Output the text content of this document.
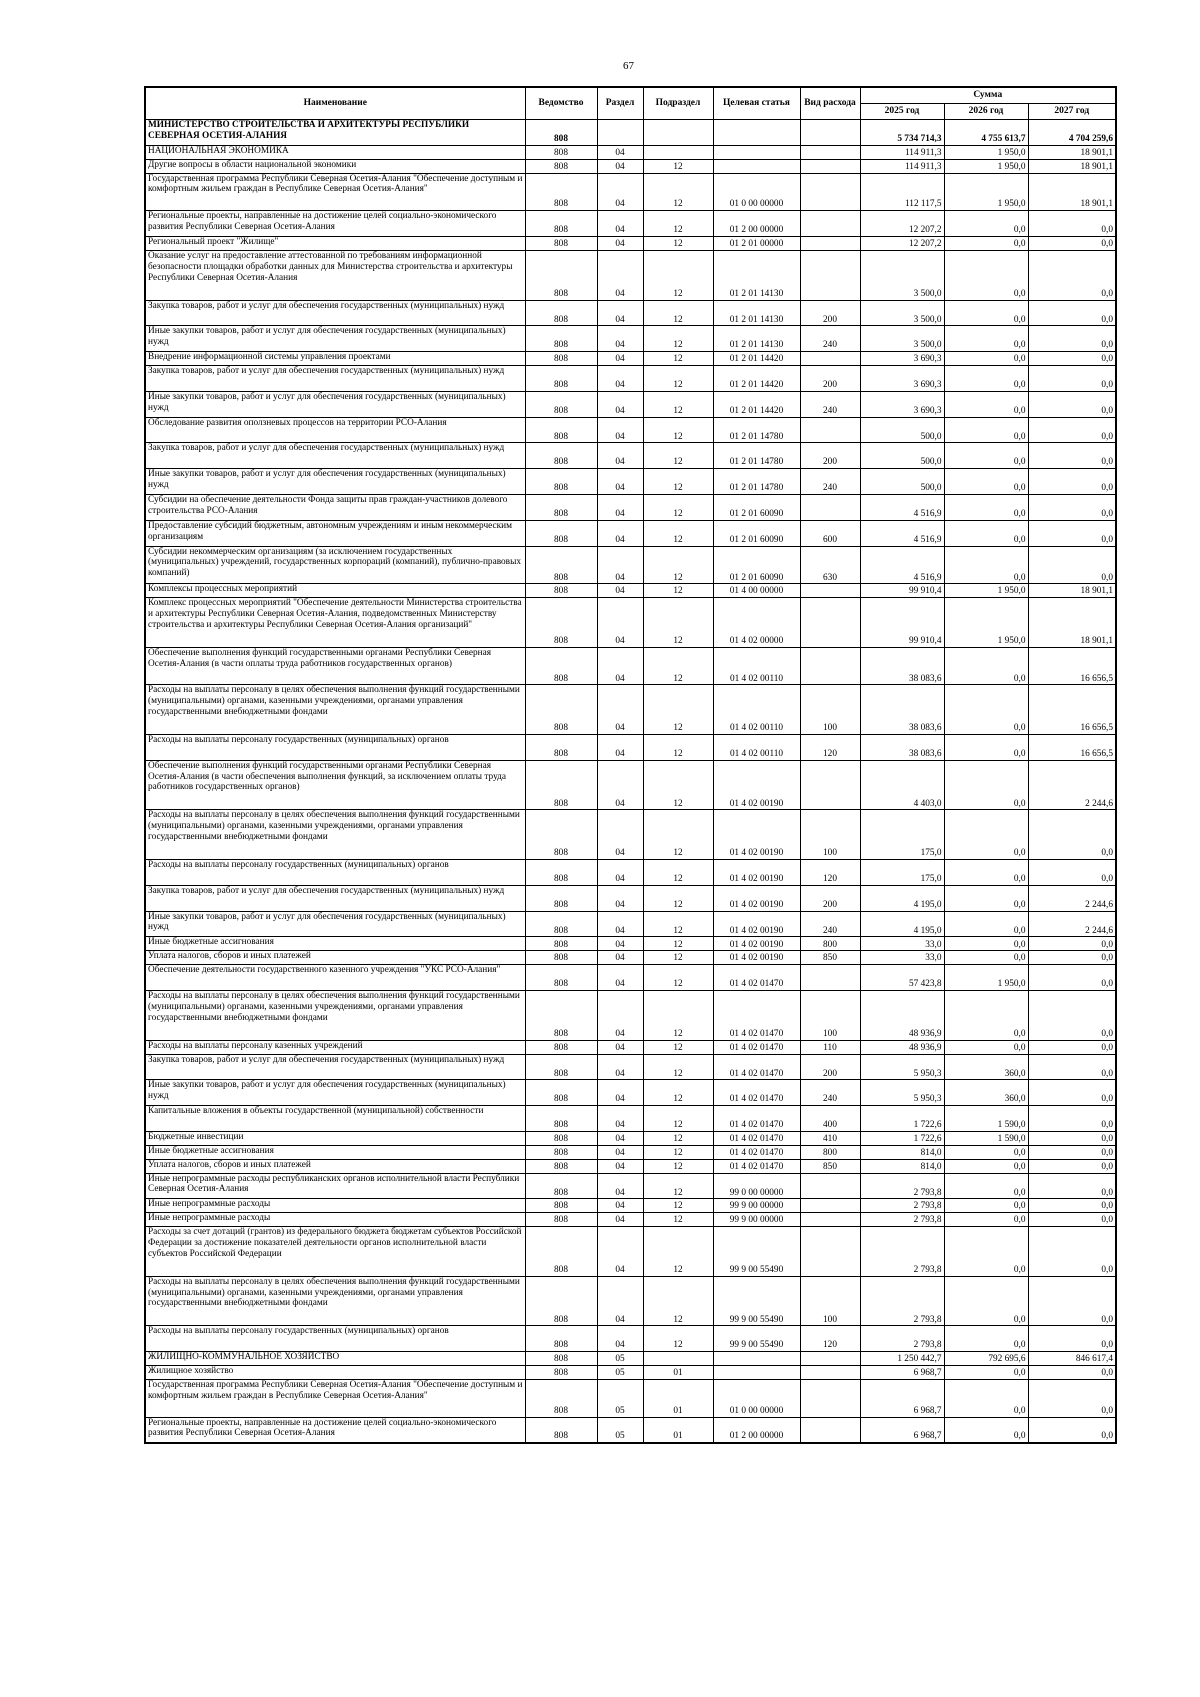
67
Наименование	Ведомство	Раздел	Подраздел	Целевая статья	Вид расхода	Сумма		
						2025 год	2026 год	2027 год
МИНИСТЕРСТВО СТРОИТЕЛЬСТВА И АРХИТЕКТУРЫ РЕСПУБЛИКИ СЕВЕРНАЯ ОСЕТИЯ-АЛАНИЯ	808					5 734 714,3	4 755 613,7	4 704 259,6
НАЦИОНАЛЬНАЯ ЭКОНОМИКА	808	04				114 911,3	1 950,0	18 901,1
Другие вопросы в области национальной экономики	808	04	12			114 911,3	1 950,0	18 901,1
Государственная программа Республики Северная Осетия-Алания "Обеспечение доступным и комфортным жильем граждан в Республике Северная Осетия-Алания"	808	04	12	01 0 00 00000		112 117,5	1 950,0	18 901,1
Региональные проекты, направленные на достижение целей социально-экономического развития Республики Северная Осетия-Алания	808	04	12	01 2 00 00000		12 207,2	0,0	0,0
Региональный проект "Жилище"	808	04	12	01 2 01 00000		12 207,2	0,0	0,0
Оказание услуг на предоставление аттестованной по требованиям информационной безопасности площадки обработки данных для Министерства строительства и архитектуры Республики Северная Осетия-Алания	808	04	12	01 2 01 14130		3 500,0	0,0	0,0
Закупка товаров, работ и услуг для обеспечения государственных (муниципальных) нужд	808	04	12	01 2 01 14130	200	3 500,0	0,0	0,0
Иные закупки товаров, работ и услуг для обеспечения государственных (муниципальных) нужд	808	04	12	01 2 01 14130	240	3 500,0	0,0	0,0
Внедрение информационной системы управления проектами	808	04	12	01 2 01 14420		3 690,3	0,0	0,0
Закупка товаров, работ и услуг для обеспечения государственных (муниципальных) нужд	808	04	12	01 2 01 14420	200	3 690,3	0,0	0,0
Иные закупки товаров, работ и услуг для обеспечения государственных (муниципальных) нужд	808	04	12	01 2 01 14420	240	3 690,3	0,0	0,0
Обследование развития оползневых процессов на территории РСО-Алания	808	04	12	01 2 01 14780		500,0	0,0	0,0
Закупка товаров, работ и услуг для обеспечения государственных (муниципальных) нужд	808	04	12	01 2 01 14780	200	500,0	0,0	0,0
Иные закупки товаров, работ и услуг для обеспечения государственных (муниципальных) нужд	808	04	12	01 2 01 14780	240	500,0	0,0	0,0
Субсидии на обеспечение деятельности Фонда защиты прав граждан-участников долевого строительства РСО-Алания	808	04	12	01 2 01 60090		4 516,9	0,0	0,0
Предоставление субсидий бюджетным, автономным учреждениям и иным некоммерческим организациям	808	04	12	01 2 01 60090	600	4 516,9	0,0	0,0
Субсидии некоммерческим организациям (за исключением государственных (муниципальных) учреждений, государственных корпораций (компаний), публично-правовых компаний)	808	04	12	01 2 01 60090	630	4 516,9	0,0	0,0
Комплексы процессных мероприятий	808	04	12	01 4 00 00000		99 910,4	1 950,0	18 901,1
Комплекс процессных мероприятий "Обеспечение деятельности Министерства строительства и архитектуры Республики Северная Осетия-Алания, подведомственных Министерству строительства и архитектуры Республики Северная Осетия-Алания организаций"	808	04	12	01 4 02 00000		99 910,4	1 950,0	18 901,1
Обеспечение выполнения функций государственными органами Республики Северная Осетия-Алания (в части оплаты труда работников государственных органов)	808	04	12	01 4 02 00110		38 083,6	0,0	16 656,5
Расходы на выплаты персоналу в целях обеспечения выполнения функций государственными (муниципальными) органами, казенными учреждениями, органами управления государственными внебюджетными фондами	808	04	12	01 4 02 00110	100	38 083,6	0,0	16 656,5
Расходы на выплаты персоналу государственных (муниципальных) органов	808	04	12	01 4 02 00110	120	38 083,6	0,0	16 656,5
Обеспечение выполнения функций государственными органами Республики Северная Осетия-Алания (в части обеспечения выполнения функций, за исключением оплаты труда работников государственных органов)	808	04	12	01 4 02 00190		4 403,0	0,0	2 244,6
Расходы на выплаты персоналу в целях обеспечения выполнения функций государственными (муниципальными) органами, казенными учреждениями, органами управления государственными внебюджетными фондами	808	04	12	01 4 02 00190	100	175,0	0,0	0,0
Расходы на выплаты персоналу государственных (муниципальных) органов	808	04	12	01 4 02 00190	120	175,0	0,0	0,0
Закупка товаров, работ и услуг для обеспечения государственных (муниципальных) нужд	808	04	12	01 4 02 00190	200	4 195,0	0,0	2 244,6
Иные закупки товаров, работ и услуг для обеспечения государственных (муниципальных) нужд	808	04	12	01 4 02 00190	240	4 195,0	0,0	2 244,6
Иные бюджетные ассигнования	808	04	12	01 4 02 00190	800	33,0	0,0	0,0
Уплата налогов, сборов и иных платежей	808	04	12	01 4 02 00190	850	33,0	0,0	0,0
Обеспечение деятельности государственного казенного учреждения "УКС РСО-Алания"	808	04	12	01 4 02 01470		57 423,8	1 950,0	0,0
Расходы на выплаты персоналу в целях обеспечения выполнения функций государственными (муниципальными) органами, казенными учреждениями, органами управления государственными внебюджетными фондами	808	04	12	01 4 02 01470	100	48 936,9	0,0	0,0
Расходы на выплаты персоналу казенных учреждений	808	04	12	01 4 02 01470	110	48 936,9	0,0	0,0
Закупка товаров, работ и услуг для обеспечения государственных (муниципальных) нужд	808	04	12	01 4 02 01470	200	5 950,3	360,0	0,0
Иные закупки товаров, работ и услуг для обеспечения государственных (муниципальных) нужд	808	04	12	01 4 02 01470	240	5 950,3	360,0	0,0
Капитальные вложения в объекты государственной (муниципальной) собственности	808	04	12	01 4 02 01470	400	1 722,6	1 590,0	0,0
Бюджетные инвестиции	808	04	12	01 4 02 01470	410	1 722,6	1 590,0	0,0
Иные бюджетные ассигнования	808	04	12	01 4 02 01470	800	814,0	0,0	0,0
Уплата налогов, сборов и иных платежей	808	04	12	01 4 02 01470	850	814,0	0,0	0,0
Иные непрограммные расходы республиканских органов исполнительной власти Республики Северная Осетия-Алания	808	04	12	99 0 00 00000		2 793,8	0,0	0,0
Иные непрограммные расходы	808	04	12	99 9 00 00000		2 793,8	0,0	0,0
Иные непрограммные расходы	808	04	12	99 9 00 00000		2 793,8	0,0	0,0
Расходы за счет дотаций (грантов) из федерального бюджета бюджетам субъектов Российской Федерации за достижение показателей деятельности органов исполнительной власти субъектов Российской Федерации	808	04	12	99 9 00 55490		2 793,8	0,0	0,0
Расходы на выплаты персоналу в целях обеспечения выполнения функций государственными (муниципальными) органами, казенными учреждениями, органами управления государственными внебюджетными фондами	808	04	12	99 9 00 55490	100	2 793,8	0,0	0,0
Расходы на выплаты персоналу государственных (муниципальных) органов	808	04	12	99 9 00 55490	120	2 793,8	0,0	0,0
ЖИЛИЩНО-КОММУНАЛЬНОЕ ХОЗЯЙСТВО	808	05				1 250 442,7	792 695,6	846 617,4
Жилищное хозяйство	808	05	01			6 968,7	0,0	0,0
Государственная программа Республики Северная Осетия-Алания "Обеспечение доступным и комфортным жильем граждан в Республике Северная Осетия-Алания"	808	05	01	01 0 00 00000		6 968,7	0,0	0,0
Региональные проекты, направленные на достижение целей социально-экономического развития Республики Северная Осетия-Алания	808	05	01	01 2 00 00000		6 968,7	0,0	0,0
